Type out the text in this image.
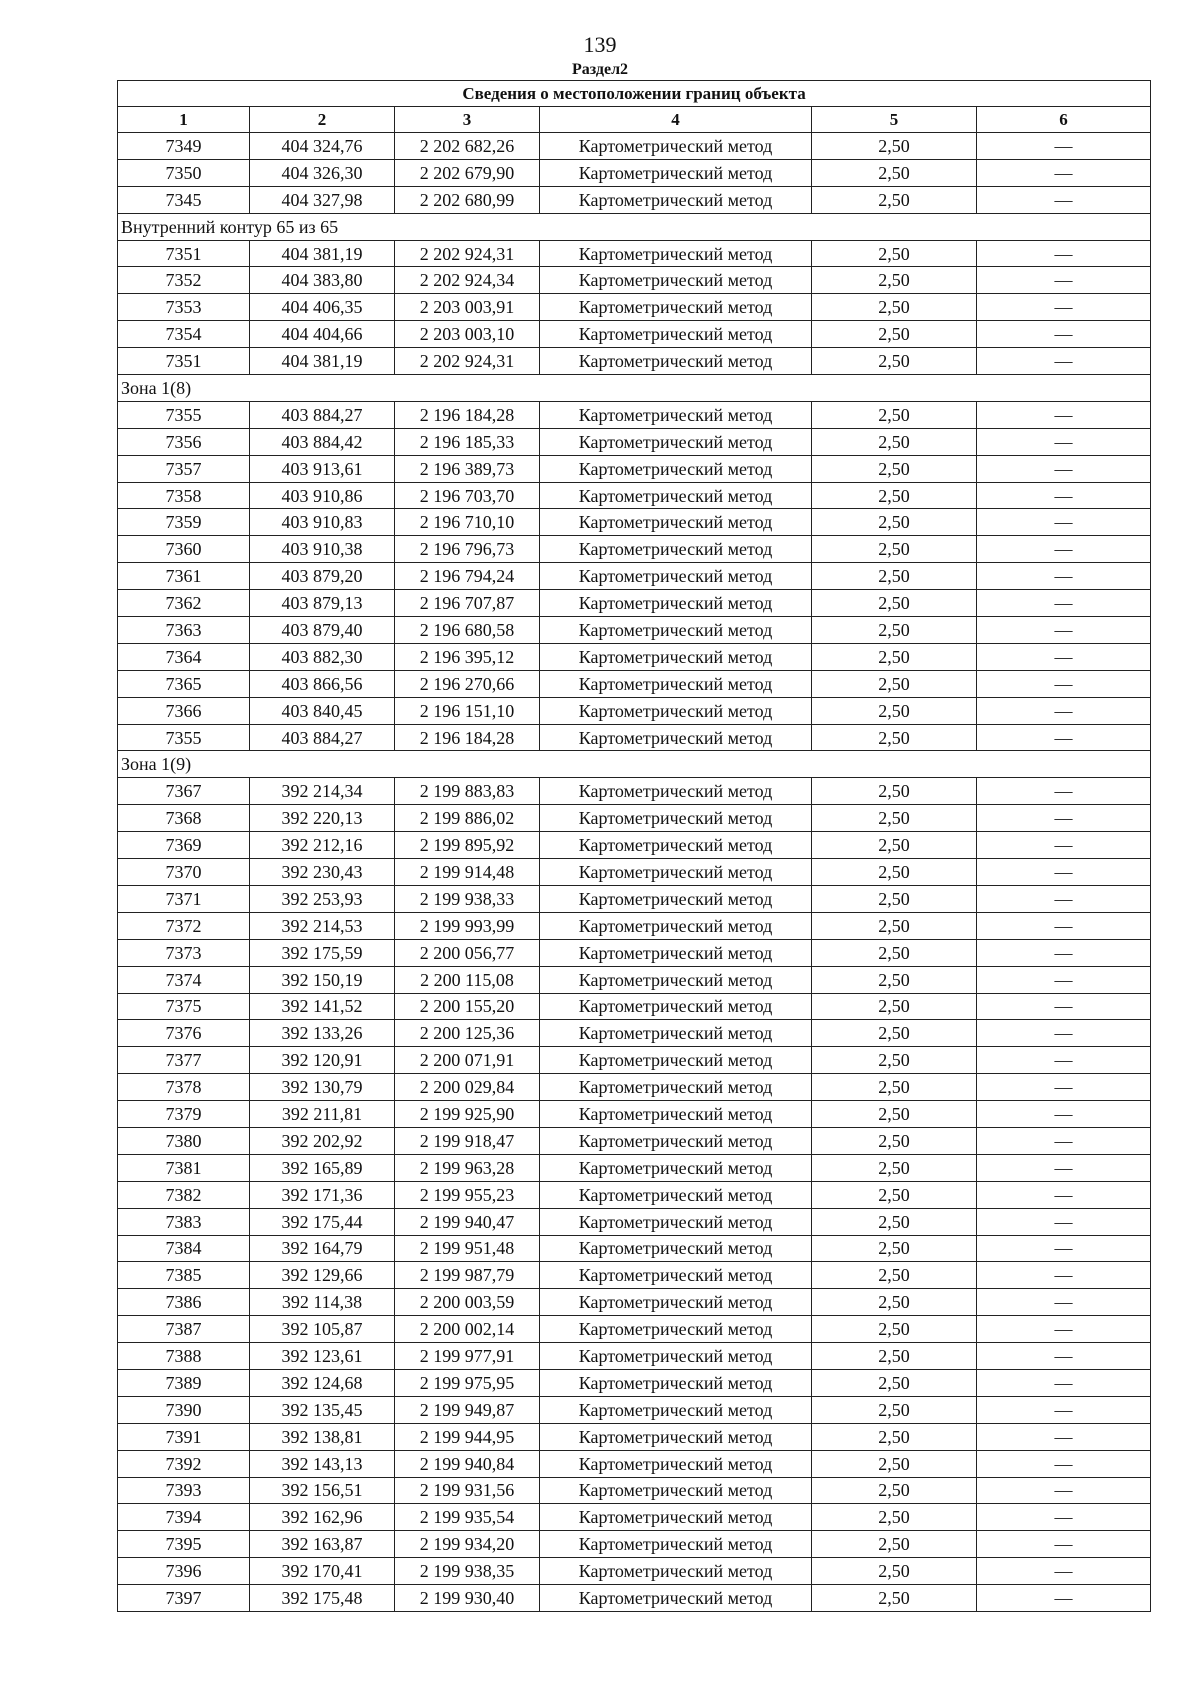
139
Раздел2
Сведения о местоположении границ объекта					
1	2	3	4	5	6
7349	404 324,76	2 202 682,26	Картометрический метод	2,50	—
7350	404 326,30	2 202 679,90	Картометрический метод	2,50	—
7345	404 327,98	2 202 680,99	Картометрический метод	2,50	—
Внутренний контур 65 из 65					
7351	404 381,19	2 202 924,31	Картометрический метод	2,50	—
7352	404 383,80	2 202 924,34	Картометрический метод	2,50	—
7353	404 406,35	2 203 003,91	Картометрический метод	2,50	—
7354	404 404,66	2 203 003,10	Картометрический метод	2,50	—
7351	404 381,19	2 202 924,31	Картометрический метод	2,50	—
Зона 1(8)					
7355	403 884,27	2 196 184,28	Картометрический метод	2,50	—
7356	403 884,42	2 196 185,33	Картометрический метод	2,50	—
7357	403 913,61	2 196 389,73	Картометрический метод	2,50	—
7358	403 910,86	2 196 703,70	Картометрический метод	2,50	—
7359	403 910,83	2 196 710,10	Картометрический метод	2,50	—
7360	403 910,38	2 196 796,73	Картометрический метод	2,50	—
7361	403 879,20	2 196 794,24	Картометрический метод	2,50	—
7362	403 879,13	2 196 707,87	Картометрический метод	2,50	—
7363	403 879,40	2 196 680,58	Картометрический метод	2,50	—
7364	403 882,30	2 196 395,12	Картометрический метод	2,50	—
7365	403 866,56	2 196 270,66	Картометрический метод	2,50	—
7366	403 840,45	2 196 151,10	Картометрический метод	2,50	—
7355	403 884,27	2 196 184,28	Картометрический метод	2,50	—
Зона 1(9)					
7367	392 214,34	2 199 883,83	Картометрический метод	2,50	—
7368	392 220,13	2 199 886,02	Картометрический метод	2,50	—
7369	392 212,16	2 199 895,92	Картометрический метод	2,50	—
7370	392 230,43	2 199 914,48	Картометрический метод	2,50	—
7371	392 253,93	2 199 938,33	Картометрический метод	2,50	—
7372	392 214,53	2 199 993,99	Картометрический метод	2,50	—
7373	392 175,59	2 200 056,77	Картометрический метод	2,50	—
7374	392 150,19	2 200 115,08	Картометрический метод	2,50	—
7375	392 141,52	2 200 155,20	Картометрический метод	2,50	—
7376	392 133,26	2 200 125,36	Картометрический метод	2,50	—
7377	392 120,91	2 200 071,91	Картометрический метод	2,50	—
7378	392 130,79	2 200 029,84	Картометрический метод	2,50	—
7379	392 211,81	2 199 925,90	Картометрический метод	2,50	—
7380	392 202,92	2 199 918,47	Картометрический метод	2,50	—
7381	392 165,89	2 199 963,28	Картометрический метод	2,50	—
7382	392 171,36	2 199 955,23	Картометрический метод	2,50	—
7383	392 175,44	2 199 940,47	Картометрический метод	2,50	—
7384	392 164,79	2 199 951,48	Картометрический метод	2,50	—
7385	392 129,66	2 199 987,79	Картометрический метод	2,50	—
7386	392 114,38	2 200 003,59	Картометрический метод	2,50	—
7387	392 105,87	2 200 002,14	Картометрический метод	2,50	—
7388	392 123,61	2 199 977,91	Картометрический метод	2,50	—
7389	392 124,68	2 199 975,95	Картометрический метод	2,50	—
7390	392 135,45	2 199 949,87	Картометрический метод	2,50	—
7391	392 138,81	2 199 944,95	Картометрический метод	2,50	—
7392	392 143,13	2 199 940,84	Картометрический метод	2,50	—
7393	392 156,51	2 199 931,56	Картометрический метод	2,50	—
7394	392 162,96	2 199 935,54	Картометрический метод	2,50	—
7395	392 163,87	2 199 934,20	Картометрический метод	2,50	—
7396	392 170,41	2 199 938,35	Картометрический метод	2,50	—
7397	392 175,48	2 199 930,40	Картометрический метод	2,50	—
